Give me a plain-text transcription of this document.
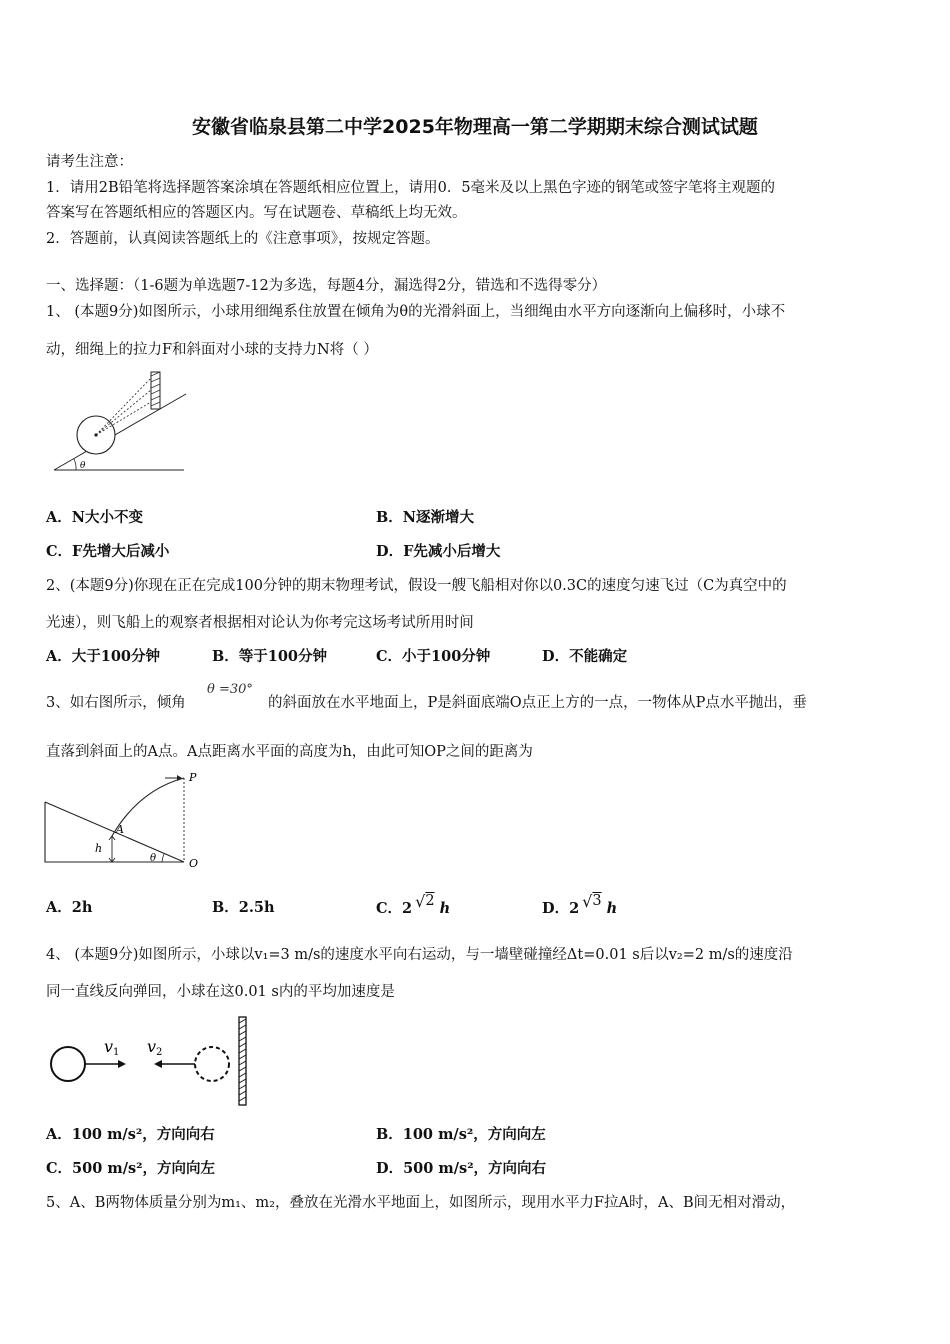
安徽省临泉县第二中学2025年物理高一第二学期期末综合测试试题
请考生注意：
1．请用2B铅笔将选择题答案涂填在答题纸相应位置上，请用0．5毫米及以上黑色字迹的钢笔或签字笔将主观题的
答案写在答题纸相应的答题区内。写在试题卷、草稿纸上均无效。
2．答题前，认真阅读答题纸上的《注意事项》，按规定答题。
一、选择题：（1-6题为单选题7-12为多选，每题4分，漏选得2分，错选和不选得零分）
1、 (本题9分)如图所示，小球用细绳系住放置在倾角为θ的光滑斜面上，当细绳由水平方向逐渐向上偏移时，小球不
动，细绳上的拉力F和斜面对小球的支持力N将（ ）
θ
A．N大小不变	B．N逐渐增大
C．F先增大后减小	D．F先减小后增大
2、(本题9分)你现在正在完成100分钟的期末物理考试，假设一艘飞船相对你以0.3C的速度匀速飞过（C为真空中的
光速），则飞船上的观察者根据相对论认为你考完这场考试所用时间
A．大于100分钟	B．等于100分钟	C．小于100分钟	D．不能确定
3、如右图所示，倾角
θ =30°
的斜面放在水平地面上，P是斜面底端O点正上方的一点，一物体从P点水平抛出，垂
直落到斜面上的A点。A点距离水平面的高度为h，由此可知OP之间的距离为
P
A
h
θ	O
A．2h	B．2.5h	C．2 √2 h	D．2 √3 h
4、 (本题9分)如图所示，小球以v₁=3 m/s的速度水平向右运动，与一墙壁碰撞经Δt=0.01 s后以v₂=2 m/s的速度沿
同一直线反向弹回，小球在这0.01 s内的平均加速度是
v1 v2
A．100 m/s²，方向向右	B．100 m/s²，方向向左
C．500 m/s²，方向向左	D．500 m/s²，方向向右
5、A、B两物体质量分别为m₁、m₂，叠放在光滑水平地面上，如图所示，现用水平力F拉A时，A、B间无相对滑动，
